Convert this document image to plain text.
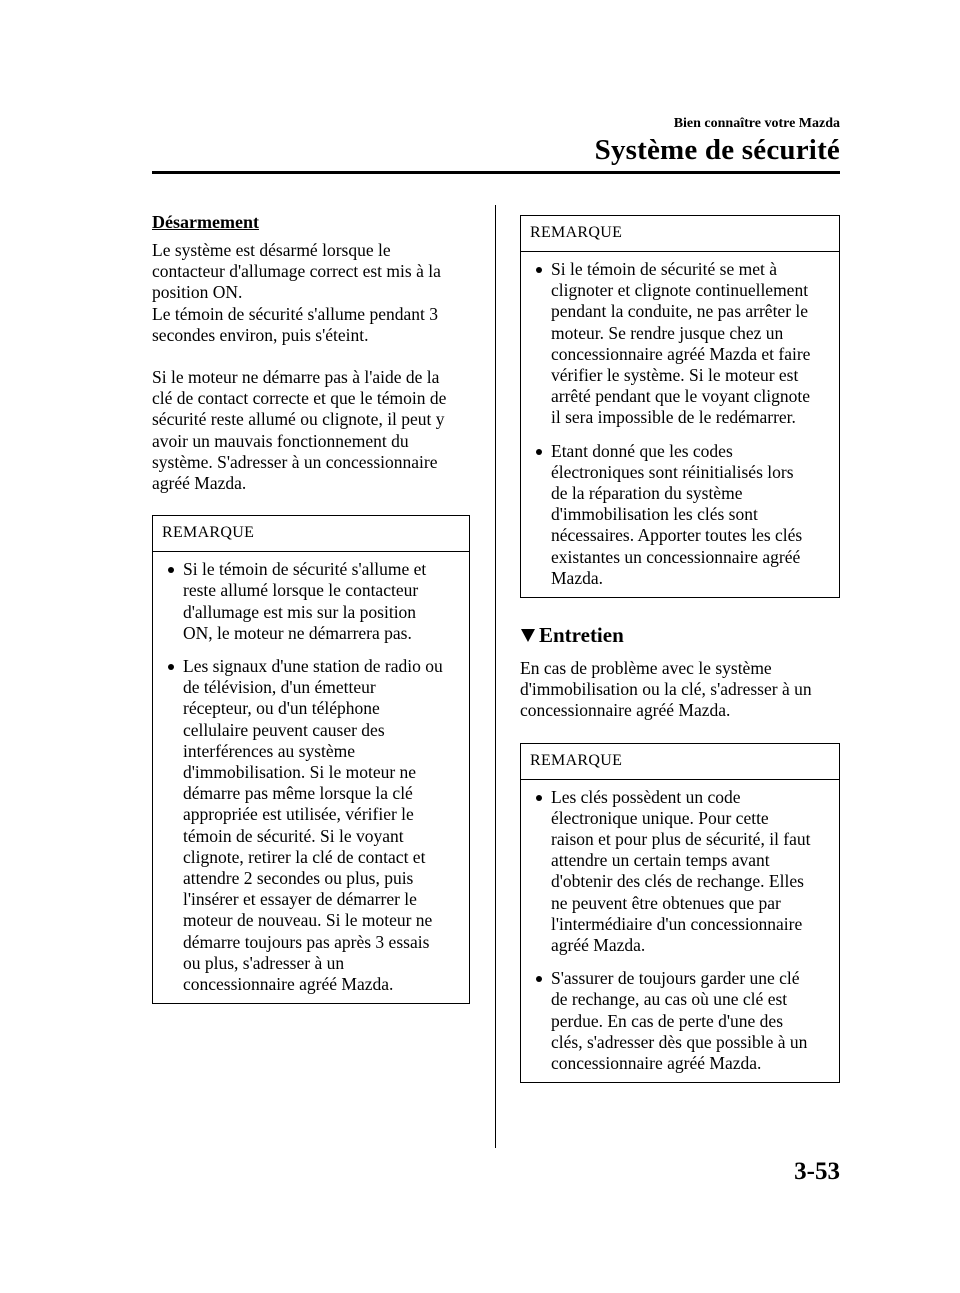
Bien connaître votre Mazda
Système de sécurité
Désarmement
Le système est désarmé lorsque le
contacteur d'allumage correct est mis à la
position ON.
Le témoin de sécurité s'allume pendant 3
secondes environ, puis s'éteint.
Si le moteur ne démarre pas à l'aide de la
clé de contact correcte et que le témoin de
sécurité reste allumé ou clignote, il peut y
avoir un mauvais fonctionnement du
système. S'adresser à un concessionnaire
agréé Mazda.
REMARQUE
Si le témoin de sécurité s'allume et
reste allumé lorsque le contacteur
d'allumage est mis sur la position
ON, le moteur ne démarrera pas.
Les signaux d'une station de radio ou
de télévision, d'un émetteur
récepteur, ou d'un téléphone
cellulaire peuvent causer des
interférences au système
d'immobilisation. Si le moteur ne
démarre pas même lorsque la clé
appropriée est utilisée, vérifier le
témoin de sécurité. Si le voyant
clignote, retirer la clé de contact et
attendre 2 secondes ou plus, puis
l'insérer et essayer de démarrer le
moteur de nouveau. Si le moteur ne
démarre toujours pas après 3 essais
ou plus, s'adresser à un
concessionnaire agréé Mazda.
REMARQUE
Si le témoin de sécurité se met à
clignoter et clignote continuellement
pendant la conduite, ne pas arrêter le
moteur. Se rendre jusque chez un
concessionnaire agréé Mazda et faire
vérifier le système. Si le moteur est
arrêté pendant que le voyant clignote
il sera impossible de le redémarrer.
Etant donné que les codes
électroniques sont réinitialisés lors
de la réparation du système
d'immobilisation les clés sont
nécessaires. Apporter toutes les clés
existantes un concessionnaire agréé
Mazda.
Entretien
En cas de problème avec le système
d'immobilisation ou la clé, s'adresser à un
concessionnaire agréé Mazda.
REMARQUE
Les clés possèdent un code
électronique unique. Pour cette
raison et pour plus de sécurité, il faut
attendre un certain temps avant
d'obtenir des clés de rechange. Elles
ne peuvent être obtenues que par
l'intermédiaire d'un concessionnaire
agréé Mazda.
S'assurer de toujours garder une clé
de rechange, au cas où une clé est
perdue. En cas de perte d'une des
clés, s'adresser dès que possible à un
concessionnaire agréé Mazda.
3-53
